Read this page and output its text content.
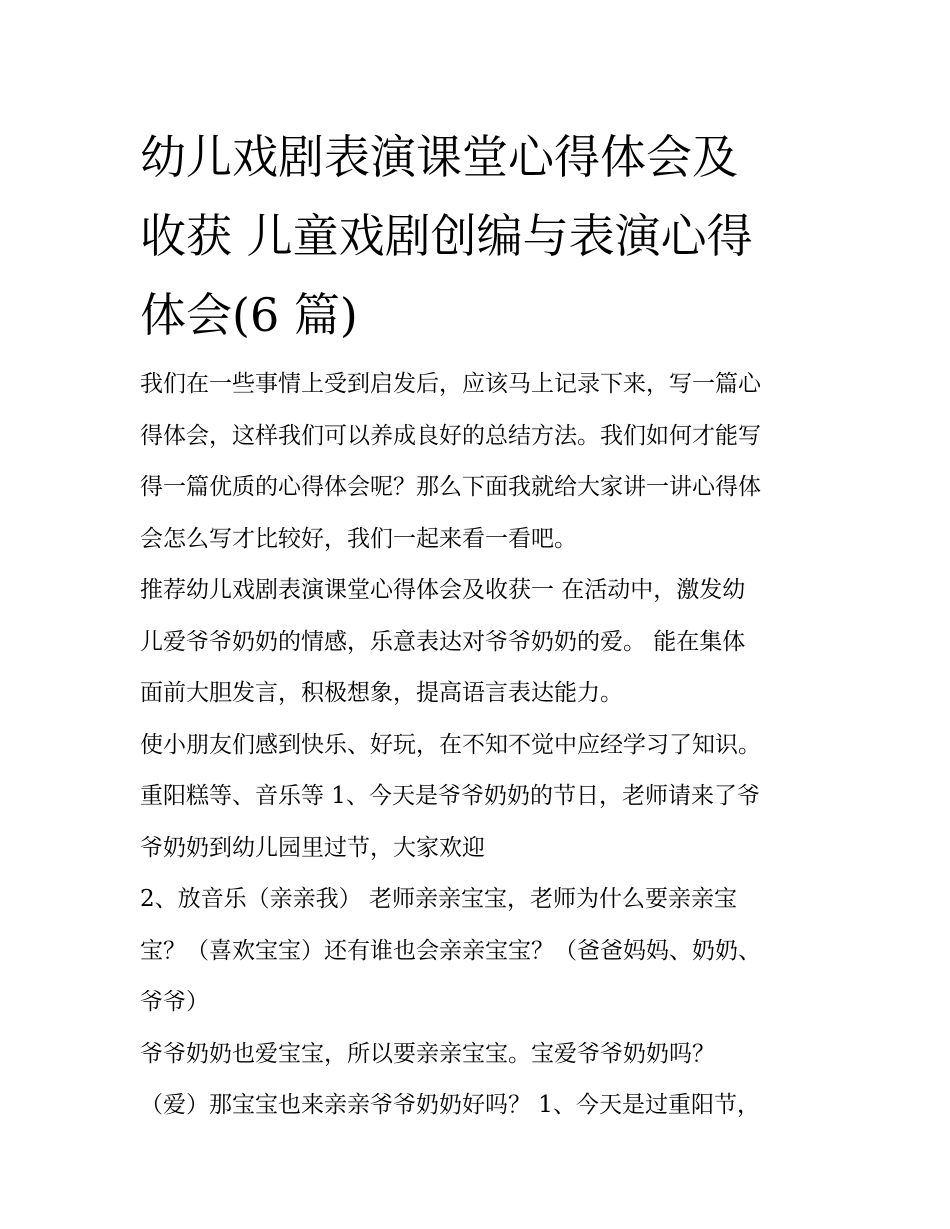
幼儿戏剧表演课堂心得体会及
收获 儿童戏剧创编与表演心得
体会(6 篇)
我们在一些事情上受到启发后，应该马上记录下来，写一篇心
得体会，这样我们可以养成良好的总结方法。我们如何才能写
得一篇优质的心得体会呢？那么下面我就给大家讲一讲心得体
会怎么写才比较好，我们一起来看一看吧。
推荐幼儿戏剧表演课堂心得体会及收获一 在活动中，激发幼
儿爱爷爷奶奶的情感，乐意表达对爷爷奶奶的爱。 能在集体
面前大胆发言，积极想象，提高语言表达能力。
使小朋友们感到快乐、好玩，在不知不觉中应经学习了知识。
重阳糕等、音乐等 1、今天是爷爷奶奶的节日，老师请来了爷
爷奶奶到幼儿园里过节，大家欢迎
2、放音乐（亲亲我） 老师亲亲宝宝，老师为什么要亲亲宝
宝？（喜欢宝宝）还有谁也会亲亲宝宝？（爸爸妈妈、奶奶、
爷爷）
爷爷奶奶也爱宝宝，所以要亲亲宝宝。宝爱爷爷奶奶吗？
（爱）那宝宝也来亲亲爷爷奶奶好吗？ 1、今天是过重阳节，
